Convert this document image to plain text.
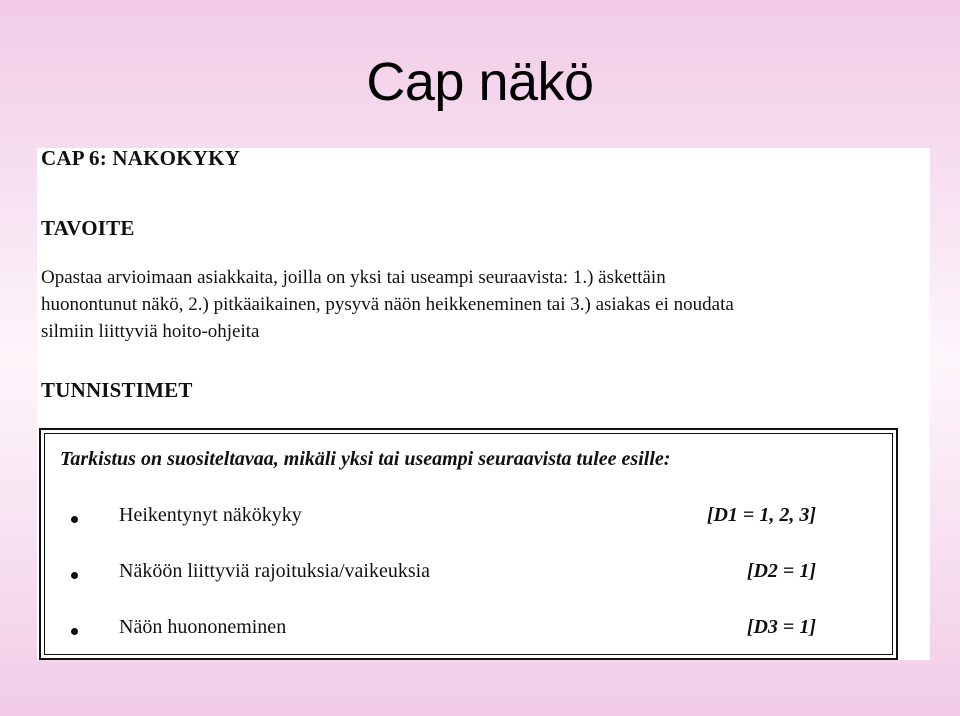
Cap näkö
CAP 6: NAKOKYKY
TAVOITE
Opastaa arvioimaan asiakkaita, joilla on yksi tai useampi seuraavista: 1.) äskettäin
huonontunut näkö, 2.) pitkäaikainen, pysyvä näön heikkeneminen tai 3.) asiakas ei noudata
silmiin liittyviä hoito-ohjeita
TUNNISTIMET
Tarkistus on suositeltavaa, mikäli yksi tai useampi seuraavista tulee esille:
Heikentynyt näkökyky	[D1 = 1, 2, 3]
Näköön liittyviä rajoituksia/vaikeuksia	[D2 = 1]
Näön huononeminen	[D3 = 1]
